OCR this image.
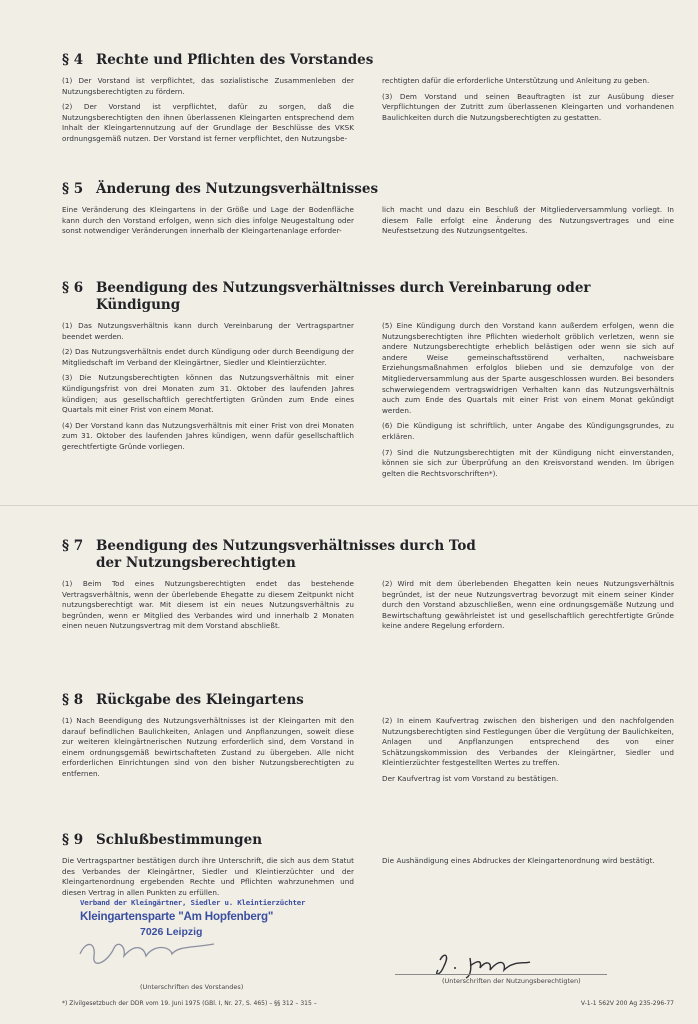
§ 4 Rechte und Pflichten des Vorstandes

(1) Der Vorstand ist verpflichtet, das sozialistische Zusammenleben der Nutzungsberechtigten zu fördern.

(2) Der Vorstand ist verpflichtet, dafür zu sorgen, daß die Nutzungsberechtigten den ihnen überlassenen Kleingarten entsprechend dem Inhalt der Kleingartennutzung auf der Grundlage der Beschlüsse des VKSK ordnungsgemäß nutzen. Der Vorstand ist ferner verpflichtet, den Nutzungsbe-

rechtigten dafür die erforderliche Unterstützung und Anleitung zu geben.

(3) Dem Vorstand und seinen Beauftragten ist zur Ausübung dieser Verpflichtungen der Zutritt zum überlassenen Kleingarten und vorhandenen Baulichkeiten durch die Nutzungsberechtigten zu gestatten.

§ 5 Änderung des Nutzungsverhältnisses

Eine Veränderung des Kleingartens in der Größe und Lage der Bodenfläche kann durch den Vorstand erfolgen, wenn sich dies infolge Neugestaltung oder sonst notwendiger Veränderungen innerhalb der Kleingartenanlage erforder-

lich macht und dazu ein Beschluß der Mitgliederversammlung vorliegt. In diesem Falle erfolgt eine Änderung des Nutzungsvertrages und eine Neufestsetzung des Nutzungsentgeltes.

§ 6 Beendigung des Nutzungsverhältnisses durch Vereinbarung oder Kündigung

(1) Das Nutzungsverhältnis kann durch Vereinbarung der Vertragspartner beendet werden.

(2) Das Nutzungsverhältnis endet durch Kündigung oder durch Beendigung der Mitgliedschaft im Verband der Kleingärtner, Siedler und Kleintierzüchter.

(3) Die Nutzungsberechtigten können das Nutzungsverhältnis mit einer Kündigungsfrist von drei Monaten zum 31. Oktober des laufenden Jahres kündigen; aus gesellschaftlich gerechtfertigten Gründen zum Ende eines Quartals mit einer Frist von einem Monat.

(4) Der Vorstand kann das Nutzungsverhältnis mit einer Frist von drei Monaten zum 31. Oktober des laufenden Jahres kündigen, wenn dafür gesellschaftlich gerechtfertigte Gründe vorliegen.

(5) Eine Kündigung durch den Vorstand kann außerdem erfolgen, wenn die Nutzungsberechtigten ihre Pflichten wiederholt gröblich verletzen, wenn sie andere Nutzungsberechtigte erheblich belästigen oder wenn sie sich auf andere Weise gemeinschaftsstörend verhalten, nachweisbare Erziehungsmaßnahmen erfolglos blieben und sie demzufolge von der Mitgliederversammlung aus der Sparte ausgeschlossen wurden. Bei besonders schwerwiegendem vertragswidrigen Verhalten kann das Nutzungsverhältnis auch zum Ende des Quartals mit einer Frist von einem Monat gekündigt werden.

(6) Die Kündigung ist schriftlich, unter Angabe des Kündigungsgrundes, zu erklären.

(7) Sind die Nutzungsberechtigten mit der Kündigung nicht einverstanden, können sie sich zur Überprüfung an den Kreisvorstand wenden. Im übrigen gelten die Rechtsvorschriften*).

§ 7 Beendigung des Nutzungsverhältnisses durch Tod der Nutzungsberechtigten

(1) Beim Tod eines Nutzungsberechtigten endet das bestehende Vertragsverhältnis, wenn der überlebende Ehegatte zu diesem Zeitpunkt nicht nutzungsberechtigt war. Mit diesem ist ein neues Nutzungsverhältnis zu begründen, wenn er Mitglied des Verbandes wird und innerhalb 2 Monaten einen neuen Nutzungsvertrag mit dem Vorstand abschließt.

(2) Wird mit dem überlebenden Ehegatten kein neues Nutzungsverhältnis begründet, ist der neue Nutzungsvertrag bevorzugt mit einem seiner Kinder durch den Vorstand abzuschließen, wenn eine ordnungsgemäße Nutzung und Bewirtschaftung gewährleistet ist und gesellschaftlich gerechtfertigte Gründe keine andere Regelung erfordern.

§ 8 Rückgabe des Kleingartens

(1) Nach Beendigung des Nutzungsverhältnisses ist der Kleingarten mit den darauf befindlichen Baulichkeiten, Anlagen und Anpflanzungen, soweit diese zur weiteren kleingärtnerischen Nutzung erforderlich sind, dem Vorstand in einem ordnungsgemäß bewirtschafteten Zustand zu übergeben. Alle nicht erforderlichen Einrichtungen sind von den bisher Nutzungsberechtigten zu entfernen.

(2) In einem Kaufvertrag zwischen den bisherigen und den nachfolgenden Nutzungsberechtigten sind Festlegungen über die Vergütung der Baulichkeiten, Anlagen und Anpflanzungen entsprechend des von einer Schätzungskommission des Verbandes der Kleingärtner, Siedler und Kleintierzüchter festgestellten Wertes zu treffen.

Der Kaufvertrag ist vom Vorstand zu bestätigen.

§ 9 Schlußbestimmungen

Die Vertragspartner bestätigen durch ihre Unterschrift, die sich aus dem Statut des Verbandes der Kleingärtner, Siedler und Kleintierzüchter und der Kleingartenordnung ergebenden Rechte und Pflichten wahrzunehmen und diesen Vertrag in allen Punkten zu erfüllen.

Die Aushändigung eines Abdruckes der Kleingartenordnung wird bestätigt.

Verband der Kleingärtner, Siedler u. Kleintierzüchter
Kleingartensparte "Am Hopfenberg"
7026 Leipzig
(Unterschriften des Vorstandes)
(Unterschriften der Nutzungsberechtigten)
*) Zivilgesetzbuch der DDR vom 19. Juni 1975 (GBl. I, Nr. 27, S. 465) – §§ 312 – 315 –	V-1-1 562V 200 Ag 235-296-77
